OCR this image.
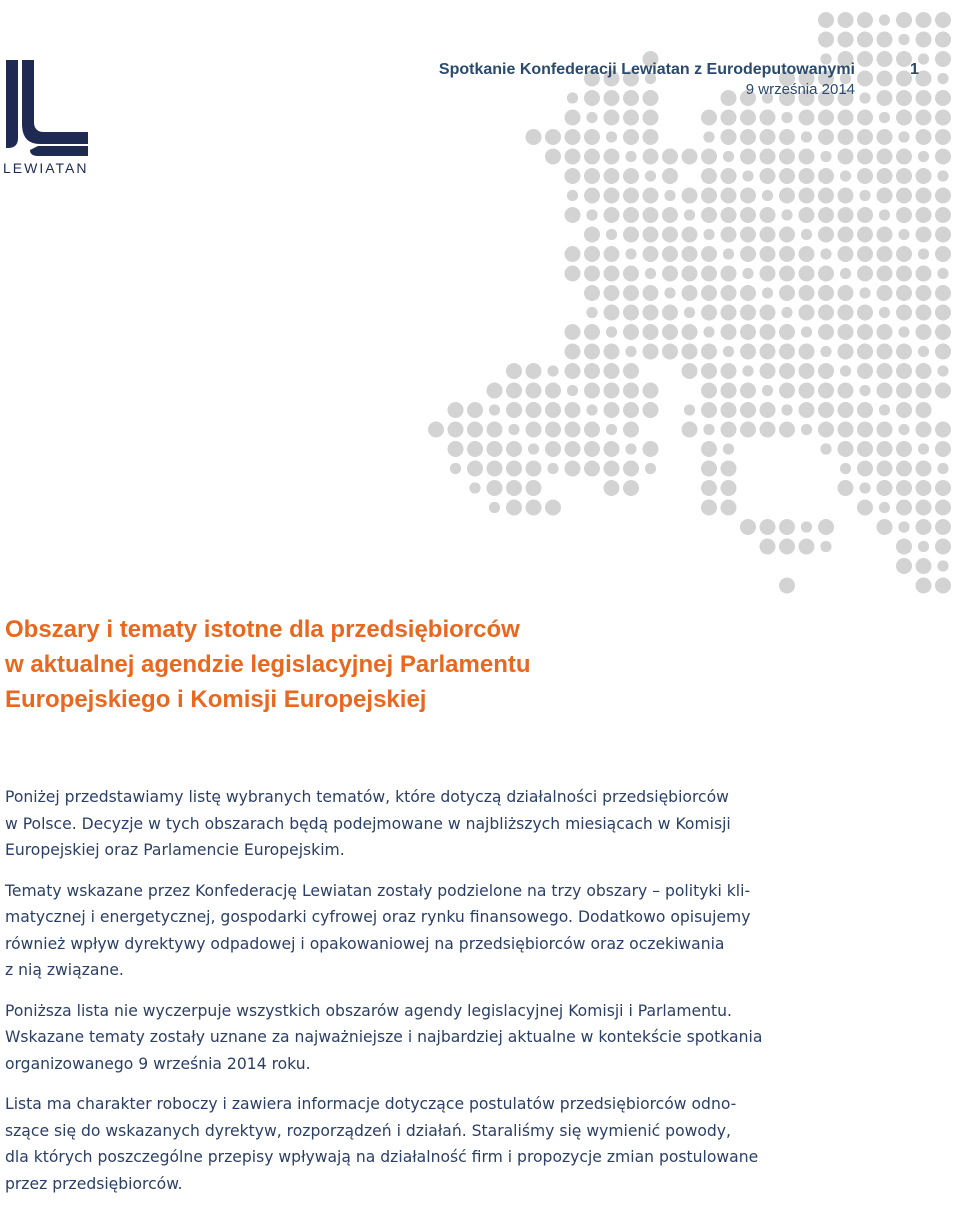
LEWIATAN
Spotkanie Konfederacji Lewiatan z Eurodeputowanymi	1
9 września 2014
Obszary i tematy istotne dla przedsiębiorców
w aktualnej agendzie legislacyjnej Parlamentu
Europejskiego i Komisji Europejskiej

Poniżej przedstawiamy listę wybranych tematów, które dotyczą działalności przedsiębiorców
w Polsce. Decyzje w tych obszarach będą podejmowane w najbliższych miesiącach w Komisji
Europejskiej oraz Parlamencie Europejskim.

Tematy wskazane przez Konfederację Lewiatan zostały podzielone na trzy obszary – polityki kli-
matycznej i energetycznej, gospodarki cyfrowej oraz rynku finansowego. Dodatkowo opisujemy
również wpływ dyrektywy odpadowej i opakowaniowej na przedsiębiorców oraz oczekiwania
z nią związane.

Poniższa lista nie wyczerpuje wszystkich obszarów agendy legislacyjnej Komisji i Parlamentu.
Wskazane tematy zostały uznane za najważniejsze i najbardziej aktualne w kontekście spotkania
organizowanego 9 września 2014 roku.

Lista ma charakter roboczy i zawiera informacje dotyczące postulatów przedsiębiorców odno-
szące się do wskazanych dyrektyw, rozporządzeń i działań. Staraliśmy się wymienić powody,
dla których poszczególne przepisy wpływają na działalność firm i propozycje zmian postulowane
przez przedsiębiorców.
